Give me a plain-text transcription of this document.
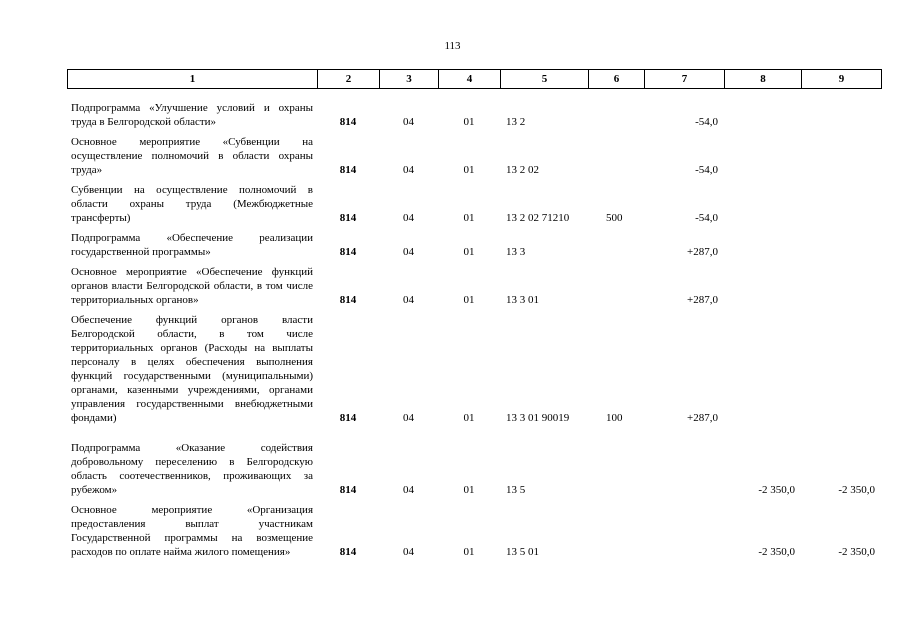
113
1	2	3	4	5	6	7	8	9
Подпрограмма «Улучшение условий и охраны труда в Белгородской области»	814	04	01	13 2		-54,0		
Основное мероприятие «Субвенции на осуществление полномочий в области охраны труда»	814	04	01	13 2 02		-54,0		
Субвенции на осуществление полномочий в области охраны труда (Межбюджетные трансферты)	814	04	01	13 2 02 71210	500	-54,0		
Подпрограмма «Обеспечение реализации государственной программы»	814	04	01	13 3		+287,0		
Основное мероприятие «Обеспечение функций органов власти Белгородской области, в том числе территориальных органов»	814	04	01	13 3 01		+287,0		
Обеспечение функций органов власти Белгородской области, в том числе территориальных органов (Расходы на выплаты персоналу в целях обеспечения выполнения функций государственными (муниципальными) органами, казенными учреждениями, органами управления государственными внебюджетными фондами)	814	04	01	13 3 01 90019	100	+287,0		
Подпрограмма «Оказание содействия добровольному переселению в Белгородскую область соотечественников, проживающих за рубежом»	814	04	01	13 5			-2 350,0	-2 350,0
Основное мероприятие «Организация предоставления выплат участникам Государственной программы на возмещение расходов по оплате найма жилого помещения»	814	04	01	13 5 01			-2 350,0	-2 350,0
